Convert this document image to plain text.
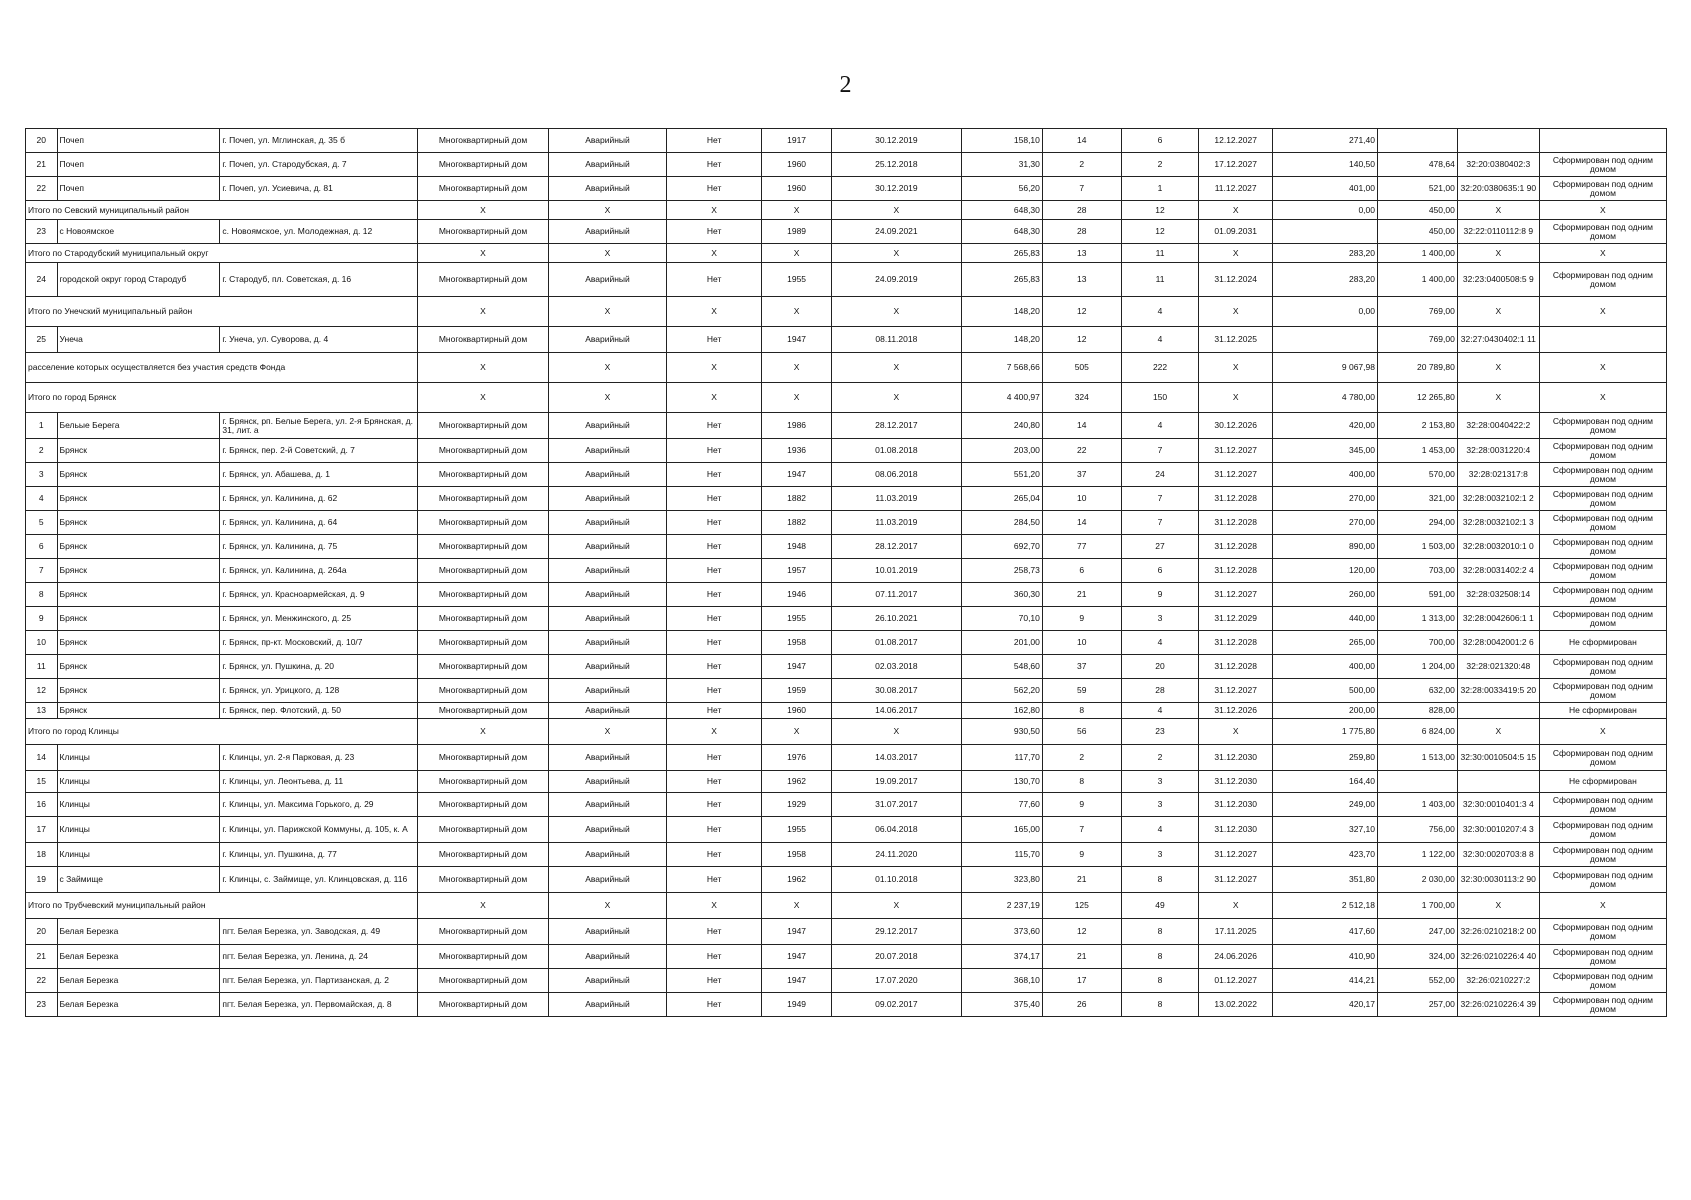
2
20	Почеп	г. Почеп, ул. Мглинская, д. 35 б	Многоквартирный дом	Аварийный	Нет	1917	30.12.2019	158,10	14	6	12.12.2027	271,40			
21	Почеп	г. Почеп, ул. Стародубская, д. 7	Многоквартирный дом	Аварийный	Нет	1960	25.12.2018	31,30	2	2	17.12.2027	140,50	478,64	32:20:0380402:3	Сформирован под одним домом
22	Почеп	г. Почеп, ул. Усиевича, д. 81	Многоквартирный дом	Аварийный	Нет	1960	30.12.2019	56,20	7	1	11.12.2027	401,00	521,00	32:20:0380635:1 90	Сформирован под одним домом
Итого по Севский муниципальный район			X	X	X	X	X	648,30	28	12	X	0,00	450,00	X	X
23	с Новоямское	с. Новоямское, ул. Молодежная, д. 12	Многоквартирный дом	Аварийный	Нет	1989	24.09.2021	648,30	28	12	01.09.2031		450,00	32:22:0110112:8 9	Сформирован под одним домом
Итого по Стародубский муниципальный округ			X	X	X	X	X	265,83	13	11	X	283,20	1 400,00	X	X
24	городской округ город Стародуб	г. Стародуб, пл. Советская, д. 16	Многоквартирный дом	Аварийный	Нет	1955	24.09.2019	265,83	13	11	31.12.2024	283,20	1 400,00	32:23:0400508:5 9	Сформирован под одним домом
Итого по Унечский муниципальный район			X	X	X	X	X	148,20	12	4	X	0,00	769,00	X	X
25	Унеча	г. Унеча, ул. Суворова, д. 4	Многоквартирный дом	Аварийный	Нет	1947	08.11.2018	148,20	12	4	31.12.2025		769,00	32:27:0430402:1 11	
расселение которых осуществляется без участия средств Фонда			X	X	X	X	X	7 568,66	505	222	X	9 067,98	20 789,80	X	X
Итого по город Брянск			X	X	X	X	X	4 400,97	324	150	X	4 780,00	12 265,80	X	X
1	Бельые Берега	г. Брянск, рп. Белые Берега, ул. 2-я Брянская, д. 31, лит. а	Многоквартирный дом	Аварийный	Нет	1986	28.12.2017	240,80	14	4	30.12.2026	420,00	2 153,80	32:28:0040422:2	Сформирован под одним домом
2	Брянск	г. Брянск, пер. 2-й Советский, д. 7	Многоквартирный дом	Аварийный	Нет	1936	01.08.2018	203,00	22	7	31.12.2027	345,00	1 453,00	32:28:0031220:4	Сформирован под одним домом
3	Брянск	г. Брянск, ул. Абашева, д. 1	Многоквартирный дом	Аварийный	Нет	1947	08.06.2018	551,20	37	24	31.12.2027	400,00	570,00	32:28:021317:8	Сформирован под одним домом
4	Брянск	г. Брянск, ул. Калинина, д. 62	Многоквартирный дом	Аварийный	Нет	1882	11.03.2019	265,04	10	7	31.12.2028	270,00	321,00	32:28:0032102:1 2	Сформирован под одним домом
5	Брянск	г. Брянск, ул. Калинина, д. 64	Многоквартирный дом	Аварийный	Нет	1882	11.03.2019	284,50	14	7	31.12.2028	270,00	294,00	32:28:0032102:1 3	Сформирован под одним домом
6	Брянск	г. Брянск, ул. Калинина, д. 75	Многоквартирный дом	Аварийный	Нет	1948	28.12.2017	692,70	77	27	31.12.2028	890,00	1 503,00	32:28:0032010:1 0	Сформирован под одним домом
7	Брянск	г. Брянск, ул. Калинина, д. 264а	Многоквартирный дом	Аварийный	Нет	1957	10.01.2019	258,73	6	6	31.12.2028	120,00	703,00	32:28:0031402:2 4	Сформирован под одним домом
8	Брянск	г. Брянск, ул. Красноармейская, д. 9	Многоквартирный дом	Аварийный	Нет	1946	07.11.2017	360,30	21	9	31.12.2027	260,00	591,00	32:28:032508:14	Сформирован под одним домом
9	Брянск	г. Брянск, ул. Менжинского, д. 25	Многоквартирный дом	Аварийный	Нет	1955	26.10.2021	70,10	9	3	31.12.2029	440,00	1 313,00	32:28:0042606:1 1	Сформирован под одним домом
10	Брянск	г. Брянск, пр-кт. Московский, д. 10/7	Многоквартирный дом	Аварийный	Нет	1958	01.08.2017	201,00	10	4	31.12.2028	265,00	700,00	32:28:0042001:2 6	Не сформирован
11	Брянск	г. Брянск, ул. Пушкина, д. 20	Многоквартирный дом	Аварийный	Нет	1947	02.03.2018	548,60	37	20	31.12.2028	400,00	1 204,00	32:28:021320:48	Сформирован под одним домом
12	Брянск	г. Брянск, ул. Урицкого, д. 128	Многоквартирный дом	Аварийный	Нет	1959	30.08.2017	562,20	59	28	31.12.2027	500,00	632,00	32:28:0033419:5 20	Сформирован под одним домом
13	Брянск	г. Брянск, пер. Флотский, д. 50	Многоквартирный дом	Аварийный	Нет	1960	14.06.2017	162,80	8	4	31.12.2026	200,00	828,00		Не сформирован
Итого по город Клинцы			X	X	X	X	X	930,50	56	23	X	1 775,80	6 824,00	X	X
14	Клинцы	г. Клинцы, ул. 2-я Парковая, д. 23	Многоквартирный дом	Аварийный	Нет	1976	14.03.2017	117,70	2	2	31.12.2030	259,80	1 513,00	32:30:0010504:5 15	Сформирован под одним домом
15	Клинцы	г. Клинцы, ул. Леонтьева, д. 11	Многоквартирный дом	Аварийный	Нет	1962	19.09.2017	130,70	8	3	31.12.2030	164,40			Не сформирован
16	Клинцы	г. Клинцы, ул. Максима Горького, д. 29	Многоквартирный дом	Аварийный	Нет	1929	31.07.2017	77,60	9	3	31.12.2030	249,00	1 403,00	32:30:0010401:3 4	Сформирован под одним домом
17	Клинцы	г. Клинцы, ул. Парижской Коммуны, д. 105, к. А	Многоквартирный дом	Аварийный	Нет	1955	06.04.2018	165,00	7	4	31.12.2030	327,10	756,00	32:30:0010207:4 3	Сформирован под одним домом
18	Клинцы	г. Клинцы, ул. Пушкина, д. 77	Многоквартирный дом	Аварийный	Нет	1958	24.11.2020	115,70	9	3	31.12.2027	423,70	1 122,00	32:30:0020703:8 8	Сформирован под одним домом
19	с Займище	г. Клинцы, с. Займище, ул. Клинцовская, д. 116	Многоквартирный дом	Аварийный	Нет	1962	01.10.2018	323,80	21	8	31.12.2027	351,80	2 030,00	32:30:0030113:2 90	Сформирован под одним домом
Итого по Трубчевский муниципальный район			X	X	X	X	X	2 237,19	125	49	X	2 512,18	1 700,00	X	X
20	Белая Березка	пгт. Белая Березка, ул. Заводская, д. 49	Многоквартирный дом	Аварийный	Нет	1947	29.12.2017	373,60	12	8	17.11.2025	417,60	247,00	32:26:0210218:2 00	Сформирован под одним домом
21	Белая Березка	пгт. Белая Березка, ул. Ленина, д. 24	Многоквартирный дом	Аварийный	Нет	1947	20.07.2018	374,17	21	8	24.06.2026	410,90	324,00	32:26:0210226:4 40	Сформирован под одним домом
22	Белая Березка	пгт. Белая Березка, ул. Партизанская, д. 2	Многоквартирный дом	Аварийный	Нет	1947	17.07.2020	368,10	17	8	01.12.2027	414,21	552,00	32:26:0210227:2	Сформирован под одним домом
23	Белая Березка	пгт. Белая Березка, ул. Первомайская, д. 8	Многоквартирный дом	Аварийный	Нет	1949	09.02.2017	375,40	26	8	13.02.2022	420,17	257,00	32:26:0210226:4 39	Сформирован под одним домом
